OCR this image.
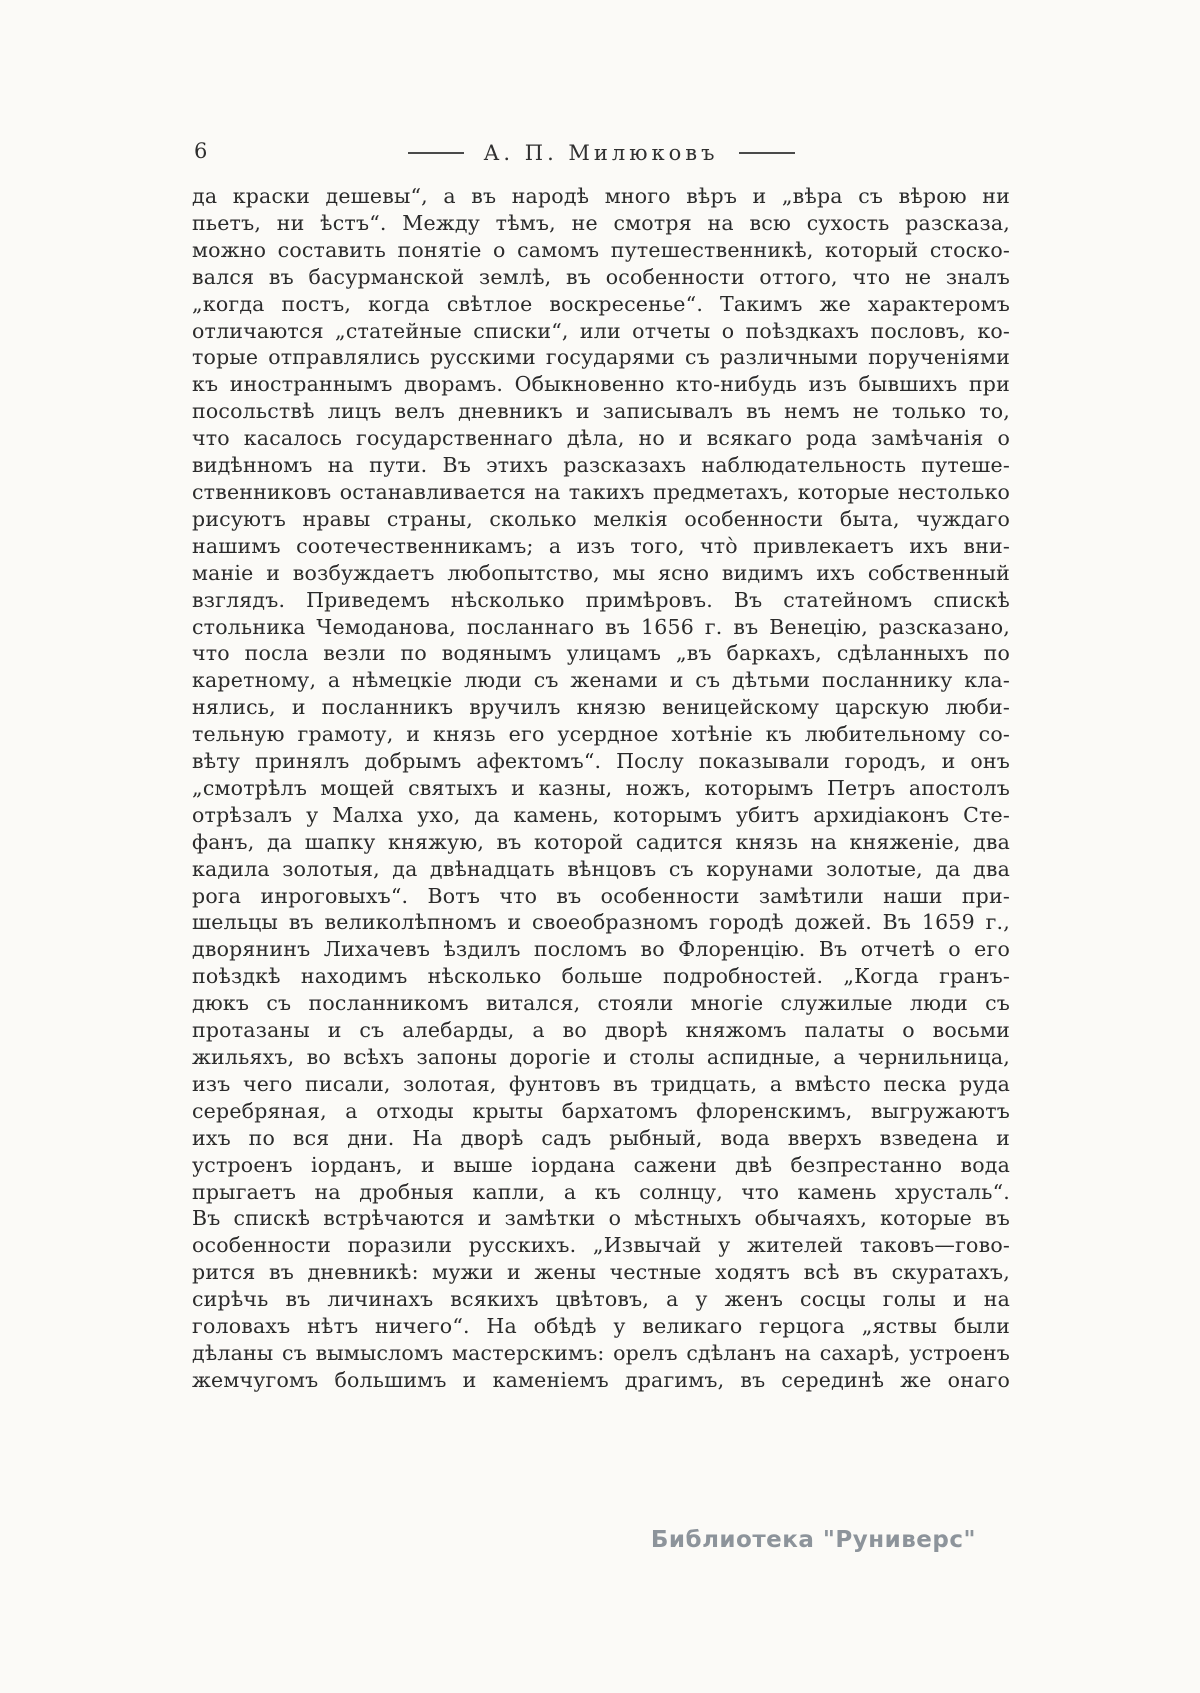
6	А. П. Милюковъ
да краски дешевы“, а въ народѣ много вѣръ и „вѣра съ вѣрою ни
пьетъ, ни ѣстъ“. Между тѣмъ, не смотря на всю сухость разсказа,
можно составить понятіе о самомъ путешественникѣ, который стоско-
вался въ басурманской землѣ, въ особенности оттого, что не зналъ
„когда постъ, когда свѣтлое воскресенье“. Такимъ же характеромъ
отличаются „статейные списки“, или отчеты о поѣздкахъ пословъ, ко-
торые отправлялись русскими государями съ различными порученіями
къ иностраннымъ дворамъ. Обыкновенно кто-нибудь изъ бывшихъ при
посольствѣ лицъ велъ дневникъ и записывалъ въ немъ не только то,
что касалось государственнаго дѣла, но и всякаго рода замѣчанія о
видѣнномъ на пути. Въ этихъ разсказахъ наблюдательность путеше-
ственниковъ останавливается на такихъ предметахъ, которые нестолько
рисуютъ нравы страны, сколько мелкія особенности быта, чуждаго
нашимъ соотечественникамъ; а изъ того, что̀ привлекаетъ ихъ вни-
маніе и возбуждаетъ любопытство, мы ясно видимъ ихъ собственный
взглядъ. Приведемъ нѣсколько примѣровъ. Въ статейномъ спискѣ
стольника Чемоданова, посланнаго въ 1656 г. въ Венецію, разсказано,
что посла везли по водянымъ улицамъ „въ баркахъ, сдѣланныхъ по
каретному, а нѣмецкіе люди съ женами и съ дѣтьми посланнику кла-
нялись, и посланникъ вручилъ князю веницейскому царскую люби-
тельную грамоту, и князь его усердное хотѣніе къ любительному со-
вѣту принялъ добрымъ афектомъ“. Послу показывали городъ, и онъ
„смотрѣлъ мощей святыхъ и казны, ножъ, которымъ Петръ апостолъ
отрѣзалъ у Малха ухо, да камень, которымъ убитъ архидіаконъ Сте-
фанъ, да шапку княжую, въ которой садится князь на княженіе, два
кадила золотыя, да двѣнадцать вѣнцовъ съ корунами золотые, да два
рога инроговыхъ“. Вотъ что въ особенности замѣтили наши при-
шельцы въ великолѣпномъ и своеобразномъ городѣ дожей. Въ 1659 г.,
дворянинъ Лихачевъ ѣздилъ посломъ во Флоренцію. Въ отчетѣ о его
поѣздкѣ находимъ нѣсколько больше подробностей. „Когда гранъ-
дюкъ съ посланникомъ витался, стояли многіе служилые люди съ
протазаны и съ алебарды, а во дворѣ княжомъ палаты о восьми
жильяхъ, во всѣхъ запоны дорогіе и столы аспидные, а чернильница,
изъ чего писали, золотая, фунтовъ въ тридцать, а вмѣсто песка руда
серебряная, а отходы крыты бархатомъ флоренскимъ, выгружаютъ
ихъ по вся дни. На дворѣ садъ рыбный, вода вверхъ взведена и
устроенъ іорданъ, и выше іордана сажени двѣ безпрестанно вода
прыгаетъ на дробныя капли, а къ солнцу, что камень хрусталь“.
Въ спискѣ встрѣчаются и замѣтки о мѣстныхъ обычаяхъ, которые въ
особенности поразили русскихъ. „Извычай у жителей таковъ—гово-
рится въ дневникѣ: мужи и жены честные ходятъ всѣ въ скуратахъ,
сирѣчь въ личинахъ всякихъ цвѣтовъ, а у женъ сосцы голы и на
головахъ нѣтъ ничего“. На обѣдѣ у великаго герцога „яствы были
дѣланы съ вымысломъ мастерскимъ: орелъ сдѣланъ на сахарѣ, устроенъ
жемчугомъ большимъ и каменіемъ драгимъ, въ серединѣ же онаго
Библиотека "Руниверс"
